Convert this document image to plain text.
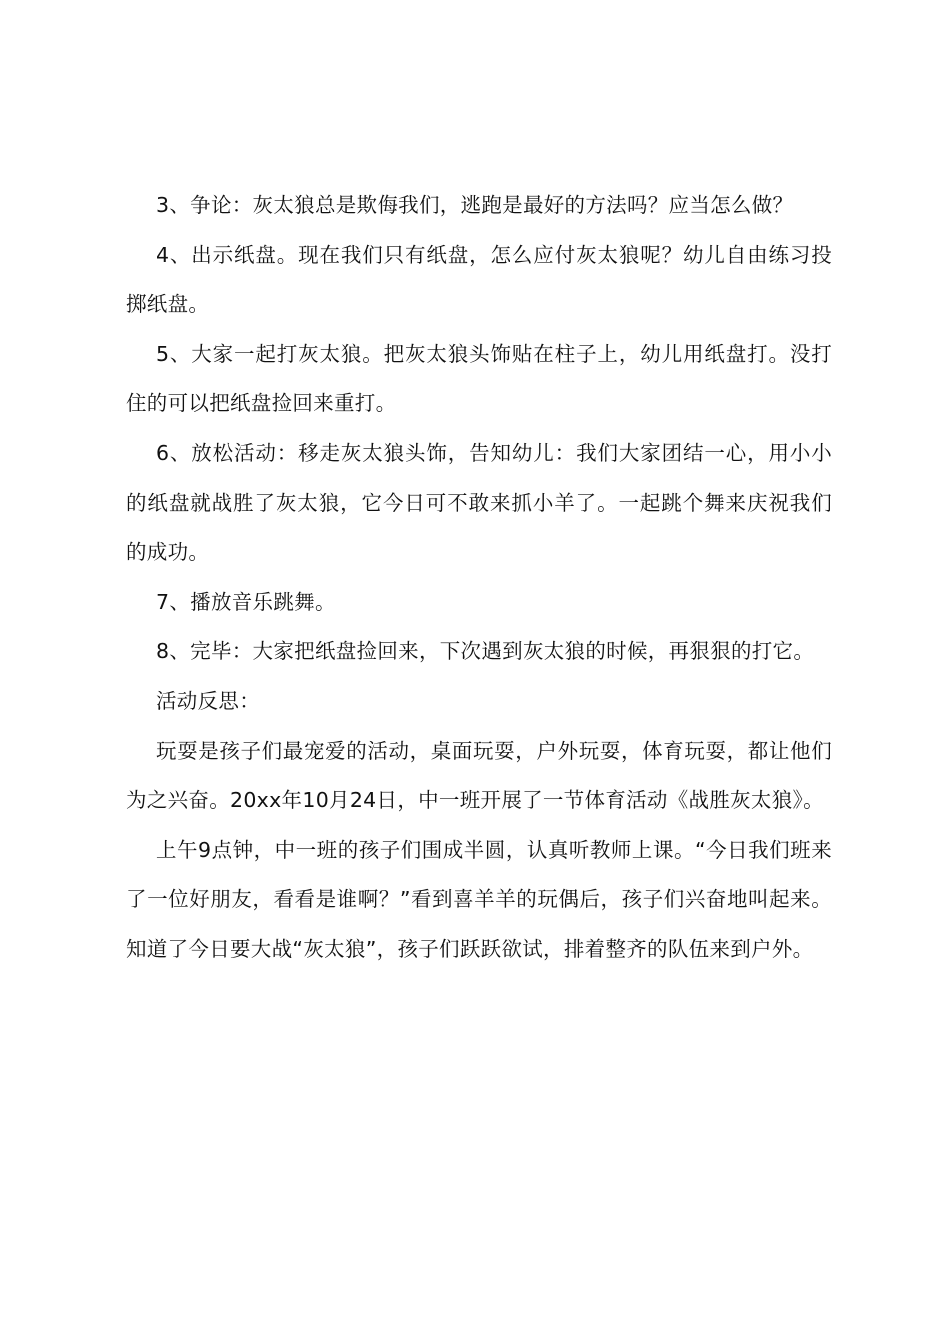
3、争论：灰太狼总是欺侮我们，逃跑是最好的方法吗？应当怎么做？

4、出示纸盘。现在我们只有纸盘，怎么应付灰太狼呢？幼儿自由练习投掷纸盘。

5、大家一起打灰太狼。把灰太狼头饰贴在柱子上，幼儿用纸盘打。没打住的可以把纸盘捡回来重打。

6、放松活动：移走灰太狼头饰，告知幼儿：我们大家团结一心，用小小的纸盘就战胜了灰太狼，它今日可不敢来抓小羊了。一起跳个舞来庆祝我们的成功。

7、播放音乐跳舞。

8、完毕：大家把纸盘捡回来，下次遇到灰太狼的时候，再狠狠的打它。

活动反思：

玩耍是孩子们最宠爱的活动，桌面玩耍，户外玩耍，体育玩耍，都让他们为之兴奋。20xx年10月24日，中一班开展了一节体育活动《战胜灰太狼》。

上午9点钟，中一班的孩子们围成半圆，认真听教师上课。“今日我们班来了一位好朋友，看看是谁啊？”看到喜羊羊的玩偶后，孩子们兴奋地叫起来。知道了今日要大战“灰太狼”，孩子们跃跃欲试，排着整齐的队伍来到户外。
